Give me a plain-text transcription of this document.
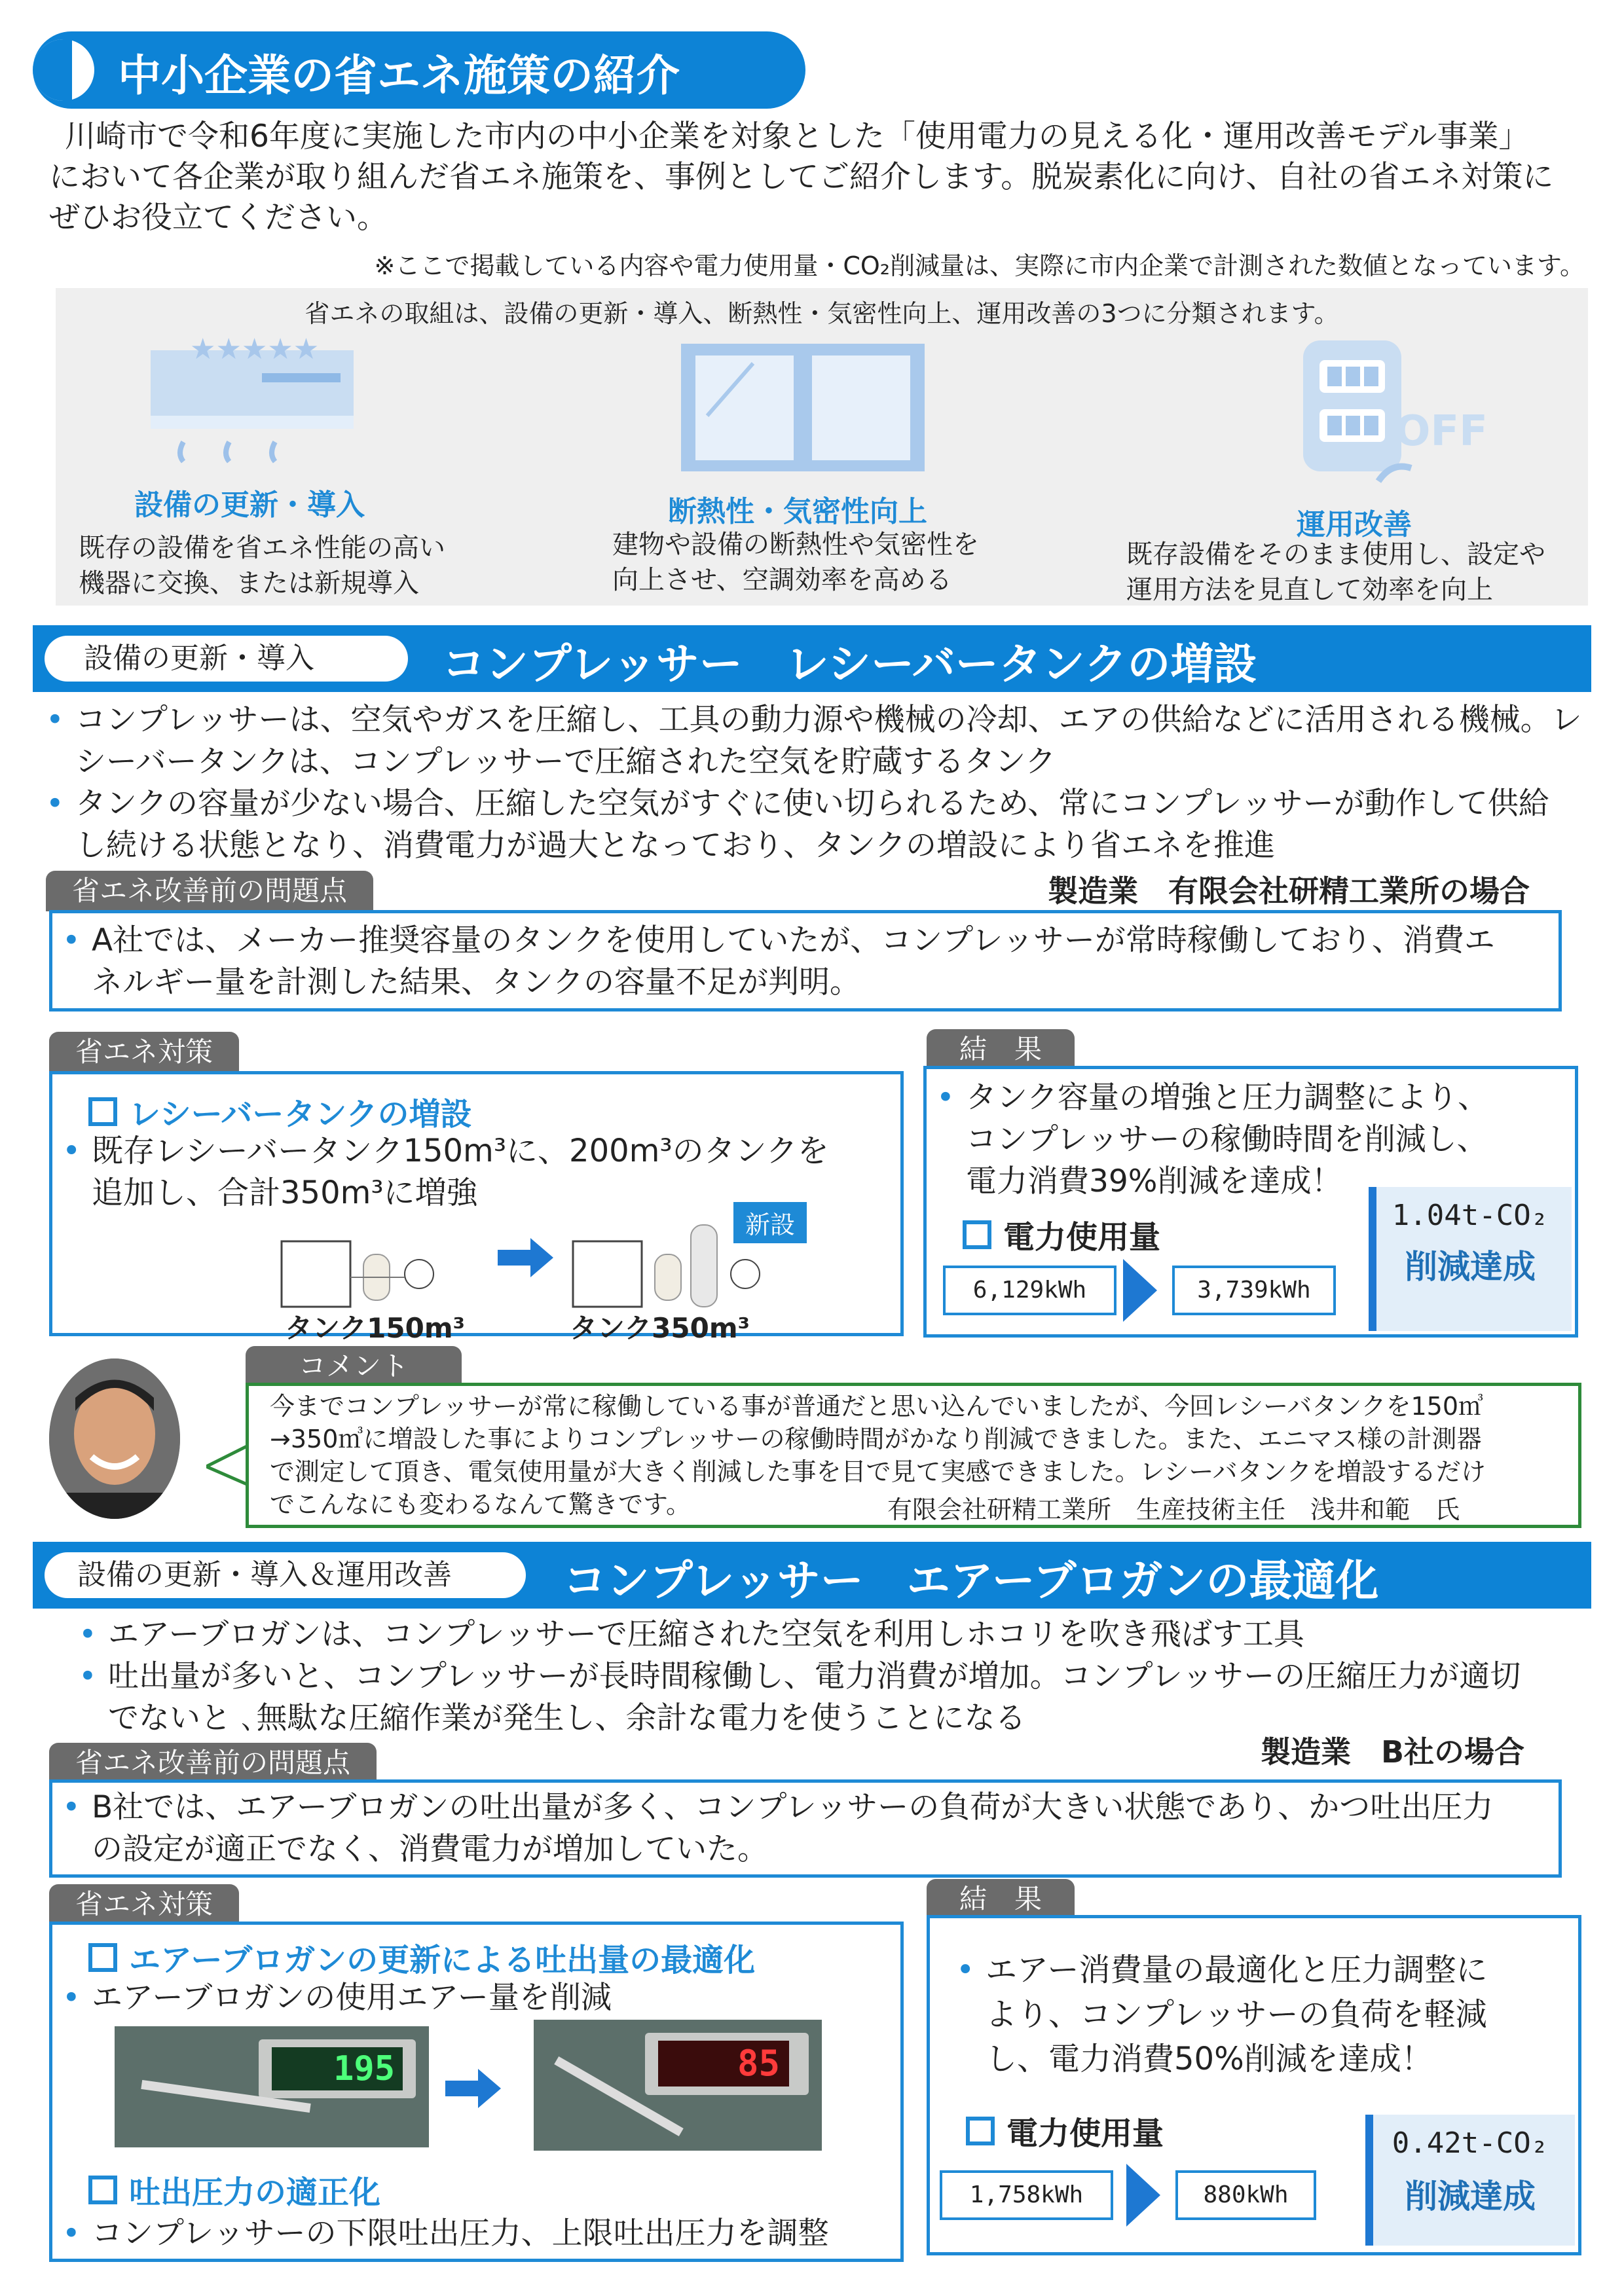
中小企業の省エネ施策の紹介
川崎市で令和6年度に実施した市内の中小企業を対象とした「使用電力の見える化・運用改善モデル事業」
において各企業が取り組んだ省エネ施策を、事例としてご紹介します。脱炭素化に向け、自社の省エネ対策に
ぜひお役立てください。
※ここで掲載している内容や電力使用量・CO₂削減量は、実際に市内企業で計測された数値となっています。
省エネの取組は、設備の更新・導入、断熱性・気密性向上、運用改善の3つに分類されます。
★★★★★
設備の更新・導入
既存の設備を省エネ性能の高い
機器に交換、または新規導入
断熱性・気密性向上
建物や設備の断熱性や気密性を
向上させ、空調効率を高める
OFF
運用改善
既存設備をそのまま使用し、設定や
運用方法を見直して効率を向上
設備の更新・導入	コンプレッサー　レシーバータンクの増設
• コンプレッサーは、空気やガスを圧縮し、工具の動力源や機械の冷却、エアの供給などに活用される機械。レ
シーバータンクは、コンプレッサーで圧縮された空気を貯蔵するタンク
• タンクの容量が少ない場合、圧縮した空気がすぐに使い切られるため、常にコンプレッサーが動作して供給
し続ける状態となり、消費電力が過大となっており、タンクの増設により省エネを推進
省エネ改善前の問題点	製造業　有限会社研精工業所の場合
• A社では、メーカー推奨容量のタンクを使用していたが、コンプレッサーが常時稼働しており、消費エ
ネルギー量を計測した結果、タンクの容量不足が判明。
省エネ対策
レシーバータンクの増設
• 既存レシーバータンク150m³に、200m³のタンクを
追加し、合計350m³に増強
タンク150m³
新設
タンク350m³
結　果
• タンク容量の増強と圧力調整により、
コンプレッサーの稼働時間を削減し、
電力消費39%削減を達成！
電力使用量
6,129kWh	3,739kWh
1.04t-CO₂
削減達成
コメント
今までコンプレッサーが常に稼働している事が普通だと思い込んでいましたが、今回レシーバタンクを150㎥
→350㎥に増設した事によりコンプレッサーの稼働時間がかなり削減できました。また、エニマス様の計測器
で測定して頂き、電気使用量が大きく削減した事を目で見て実感できました。レシーバタンクを増設するだけ
でこんなにも変わるなんて驚きです。	有限会社研精工業所　生産技術主任　浅井和範　氏
設備の更新・導入＆運用改善	コンプレッサー　エアーブロガンの最適化
• エアーブロガンは、コンプレッサーで圧縮された空気を利用しホコリを吹き飛ばす工具
• 吐出量が多いと、コンプレッサーが長時間稼働し、電力消費が増加。コンプレッサーの圧縮圧力が適切
でないと ､無駄な圧縮作業が発生し、余計な電力を使うことになる
省エネ改善前の問題点	製造業　B社の場合
• B社では、エアーブロガンの吐出量が多く、コンプレッサーの負荷が大きい状態であり、かつ吐出圧力
の設定が適正でなく、消費電力が増加していた。
省エネ対策
エアーブロガンの更新による吐出量の最適化
• エアーブロガンの使用エアー量を削減
195	85
吐出圧力の適正化
• コンプレッサーの下限吐出圧力、上限吐出圧力を調整
結　果
• エアー消費量の最適化と圧力調整に
より、コンプレッサーの負荷を軽減
し、電力消費50%削減を達成！
電力使用量
1,758kWh	880kWh
0.42t-CO₂
削減達成
